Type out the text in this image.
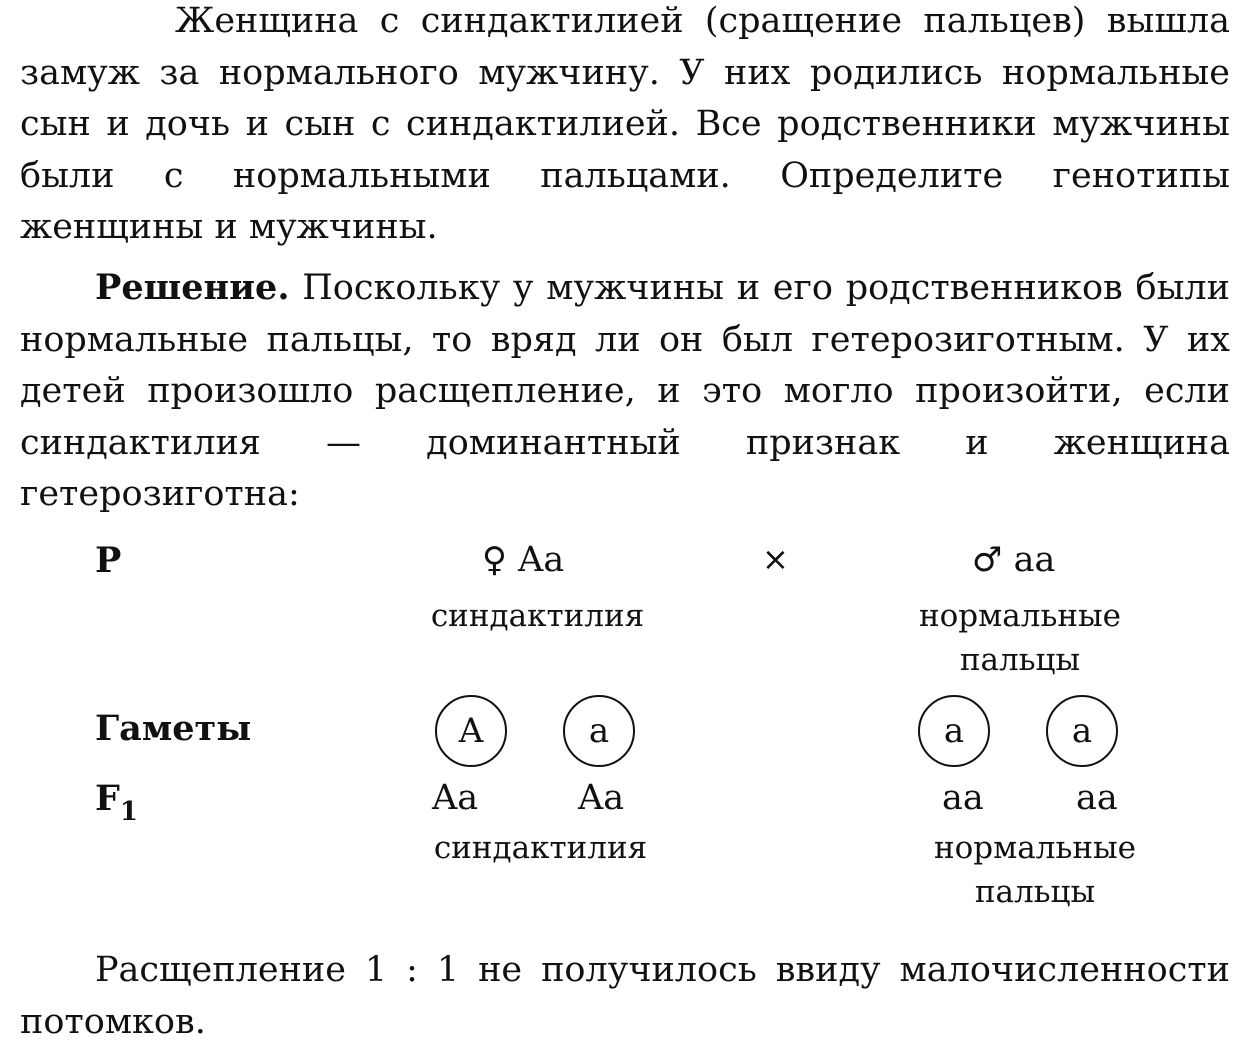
Женщина с синдактилией (сращение пальцев) вышла замуж за нормального мужчину. У них родились нормальные сын и дочь и сын с синдактилией. Все родственники мужчины были с нормальными пальцами. Определите генотипы женщины и мужчины.

Решение. Поскольку у мужчины и его родственников были нормальные пальцы, то вряд ли он был гетерозиготным. У их детей произошло расщепление, и это могло произойти, если синдактилия — доминантный признак и женщина гетерозиготна:

P	♀ Aa	×	♂ aa
синдактилия	нормальные
пальцы
Гаметы	A	a	a	a
$F_1$	Aa	Aa	aa	aa
синдактилия	нормальные
пальцы

Расщепление 1 : 1 не получилось ввиду малочисленности потомков.
